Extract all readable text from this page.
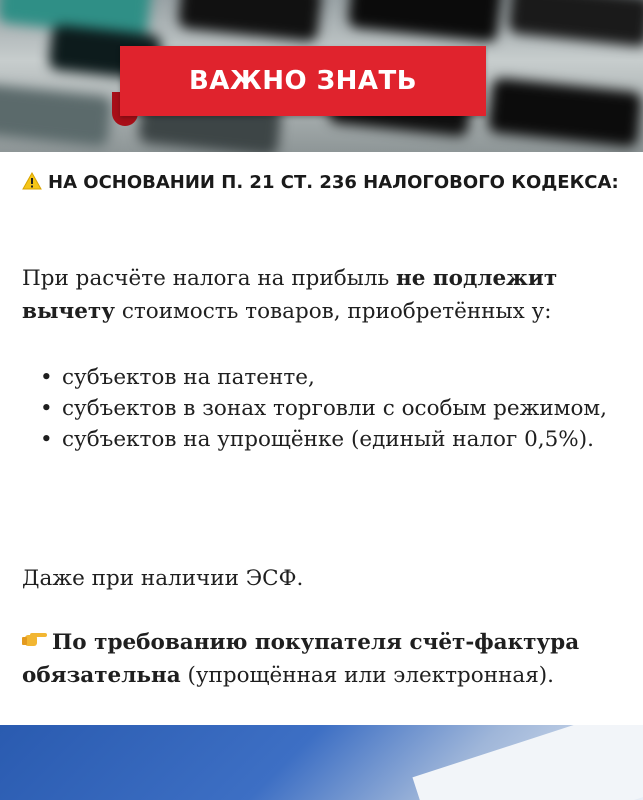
ВАЖНО ЗНАТЬ
НА ОСНОВАНИИ П. 21 СТ. 236 НАЛОГОВОГО КОДЕКСА:
При расчёте налога на прибыль не подлежит вычету стоимость товаров, приобретённых у:
• субъектов на патенте,
• субъектов в зонах торговли с особым режимом,
• субъектов на упрощёнке (единый налог 0,5%).
Даже при наличии ЭСФ.
По требованию покупателя счёт-фактура обязательна (упрощённая или электронная).
